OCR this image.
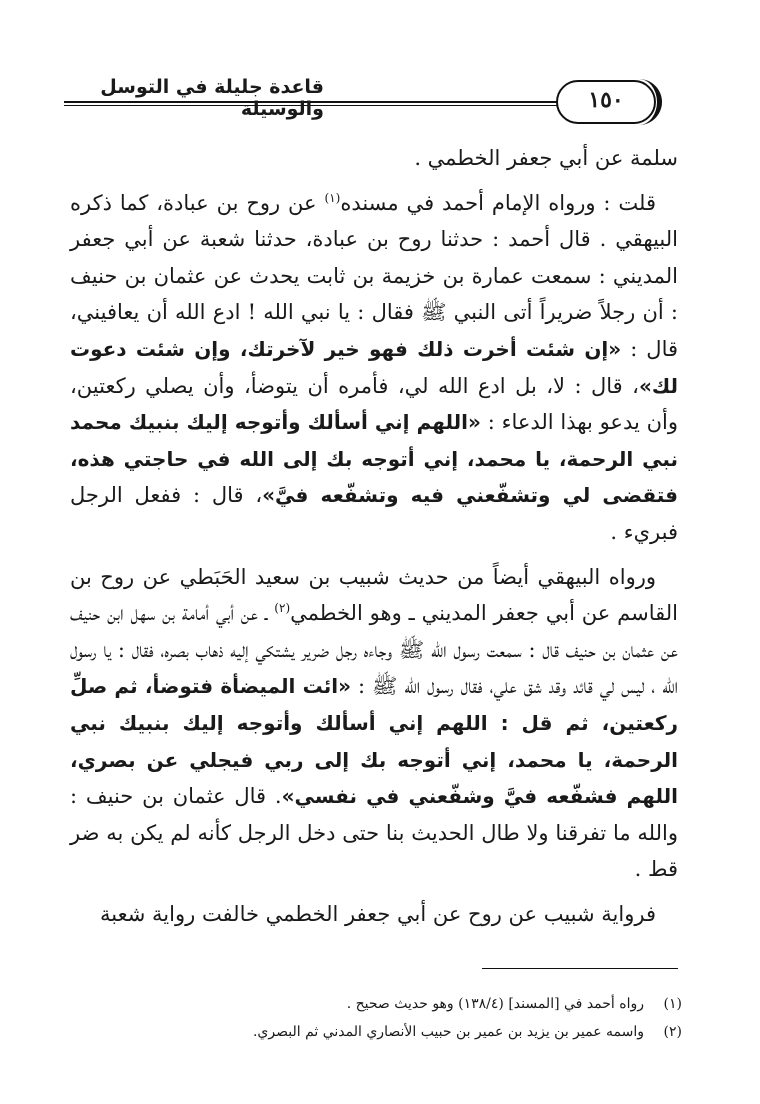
قاعدة جليلة في التوسل والوسيلة	١٥٠

سلمة عن أبي جعفر الخطمي .

قلت : ورواه الإمام أحمد في مسنده$^{(١)}$ عن روح بن عبادة، كما ذكره البيهقي . قال أحمد : حدثنا روح بن عبادة، حدثنا شعبة عن أبي جعفر المديني : سمعت عمارة بن خزيمة بن ثابت يحدث عن عثمان بن حنيف : أن رجلاً ضريراً أتى النبي ﷺ فقال : يا نبي الله ! ادع الله أن يعافيني، قال : «إن شئت أخرت ذلك فهو خير لآخرتك، وإن شئت دعوت لك»، قال : لا، بل ادع الله لي، فأمره أن يتوضأ، وأن يصلي ركعتين، وأن يدعو بهذا الدعاء : «اللهم إني أسألك وأتوجه إليك بنبيك محمد نبي الرحمة، يا محمد، إني أتوجه بك إلى الله في حاجتي هذه، فتقضى لي وتشفّعني فيه وتشفّعه فيَّ»، قال : ففعل الرجل فبريء .

ورواه البيهقي أيضاً من حديث شبيب بن سعيد الحَبَطي عن روح بن القاسم عن أبي جعفر المديني ـ وهو الخطمي$^{(٢)}$ ـ عن أبي أمامة بن سهل ابن حنيف عن عثمان بن حنيف قال : سمعت رسول الله ﷺ وجاءه رجل ضرير يشتكي إليه ذهاب بصره، فقال : يا رسول الله ، ليس لي قائد وقد شق علي، فقال رسول الله ﷺ : «ائت الميضأة فتوضأ، ثم صلِّ ركعتين، ثم قل : اللهم إني أسألك وأتوجه إليك بنبيك نبي الرحمة، يا محمد، إني أتوجه بك إلى ربي فيجلي عن بصري، اللهم فشفّعه فيَّ وشفّعني في نفسي». قال عثمان بن حنيف : والله ما تفرقنا ولا طال الحديث بنا حتى دخل الرجل كأنه لم يكن به ضر قط .

فرواية شبيب عن روح عن أبي جعفر الخطمي خالفت رواية شعبة

(١)
رواه أحمد في [المسند] (١٣٨/٤) وهو حديث صحيح .
(٢)
واسمه عمير بن يزيد بن عمير بن حبيب الأنصاري المدني ثم البصري.
